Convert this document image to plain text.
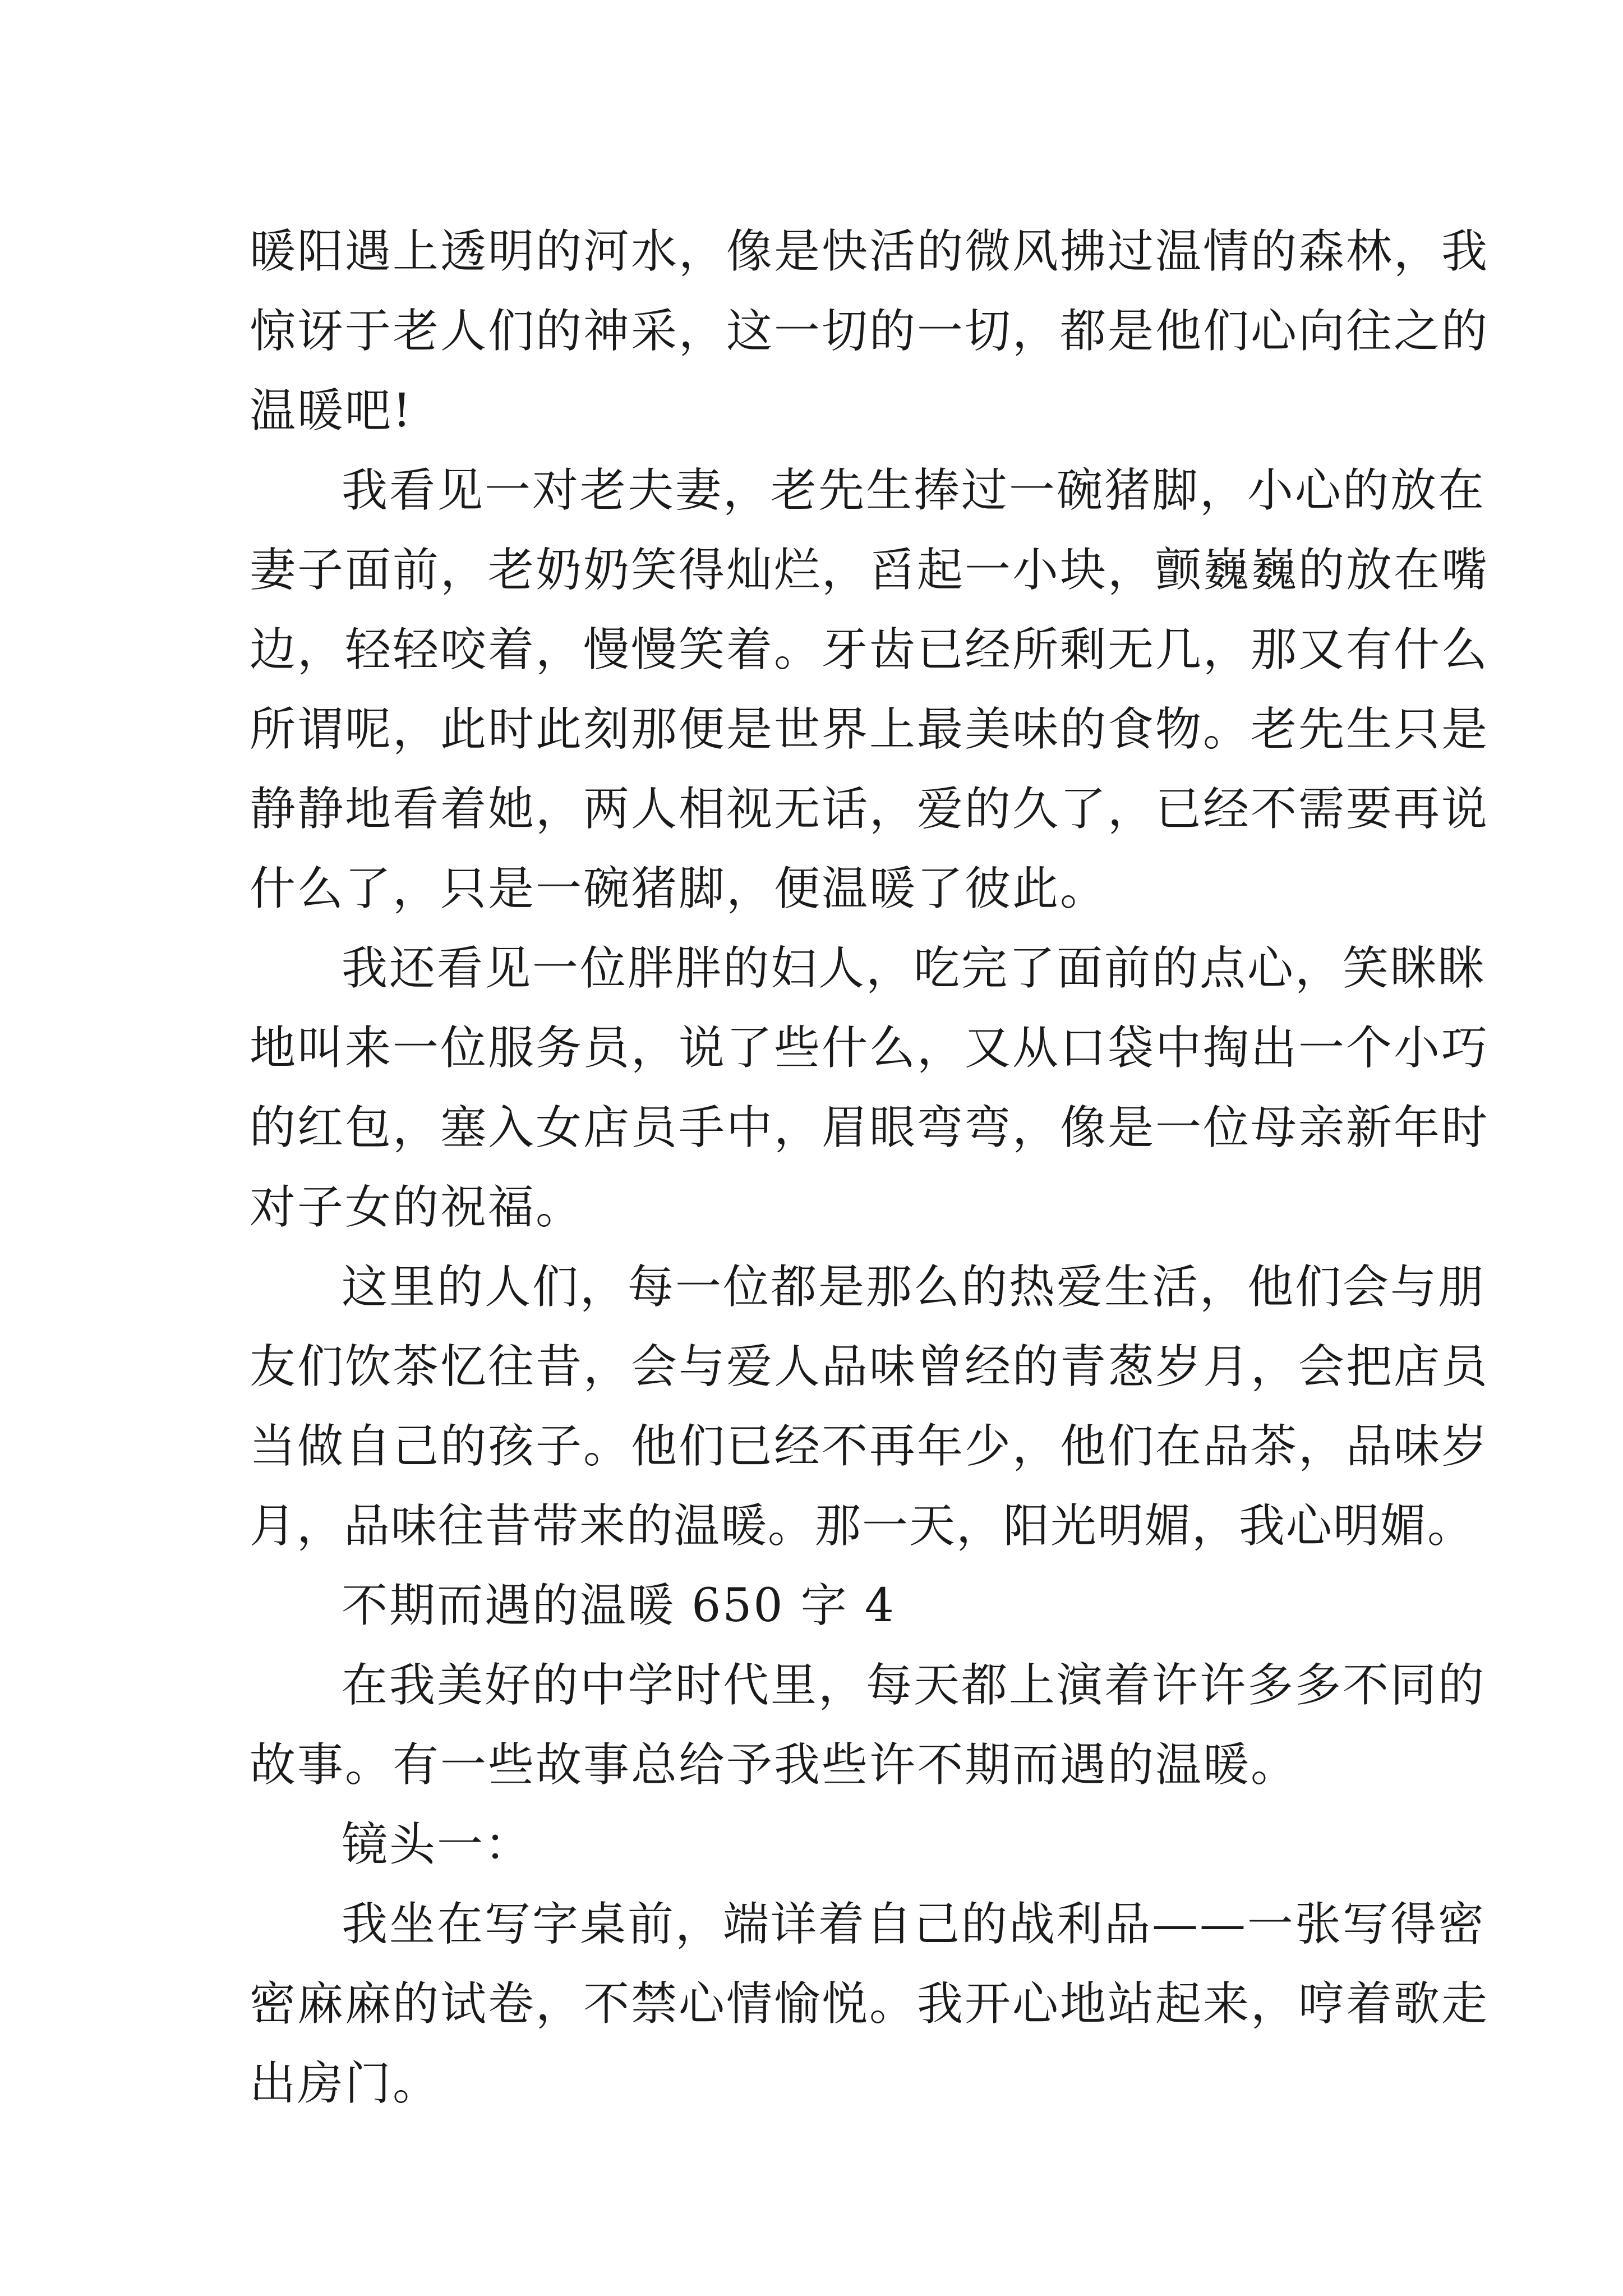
暖阳遇上透明的河水，像是快活的微风拂过温情的森林，我
惊讶于老人们的神采，这一切的一切，都是他们心向往之的
温暖吧!
我看见一对老夫妻，老先生捧过一碗猪脚，小心的放在
妻子面前，老奶奶笑得灿烂，舀起一小块，颤巍巍的放在嘴
边，轻轻咬着，慢慢笑着。牙齿已经所剩无几，那又有什么
所谓呢，此时此刻那便是世界上最美味的食物。老先生只是
静静地看着她，两人相视无话，爱的久了，已经不需要再说
什么了，只是一碗猪脚，便温暖了彼此。
我还看见一位胖胖的妇人，吃完了面前的点心，笑眯眯
地叫来一位服务员，说了些什么，又从口袋中掏出一个小巧
的红包，塞入女店员手中，眉眼弯弯，像是一位母亲新年时
对子女的祝福。
这里的人们，每一位都是那么的热爱生活，他们会与朋
友们饮茶忆往昔，会与爱人品味曾经的青葱岁月，会把店员
当做自己的孩子。他们已经不再年少，他们在品茶，品味岁
月，品味往昔带来的温暖。那一天，阳光明媚，我心明媚。
不期而遇的温暖 650 字 4
在我美好的中学时代里，每天都上演着许许多多不同的
故事。有一些故事总给予我些许不期而遇的温暖。
镜头一：
我坐在写字桌前，端详着自己的战利品——一张写得密
密麻麻的试卷，不禁心情愉悦。我开心地站起来，哼着歌走
出房门。
